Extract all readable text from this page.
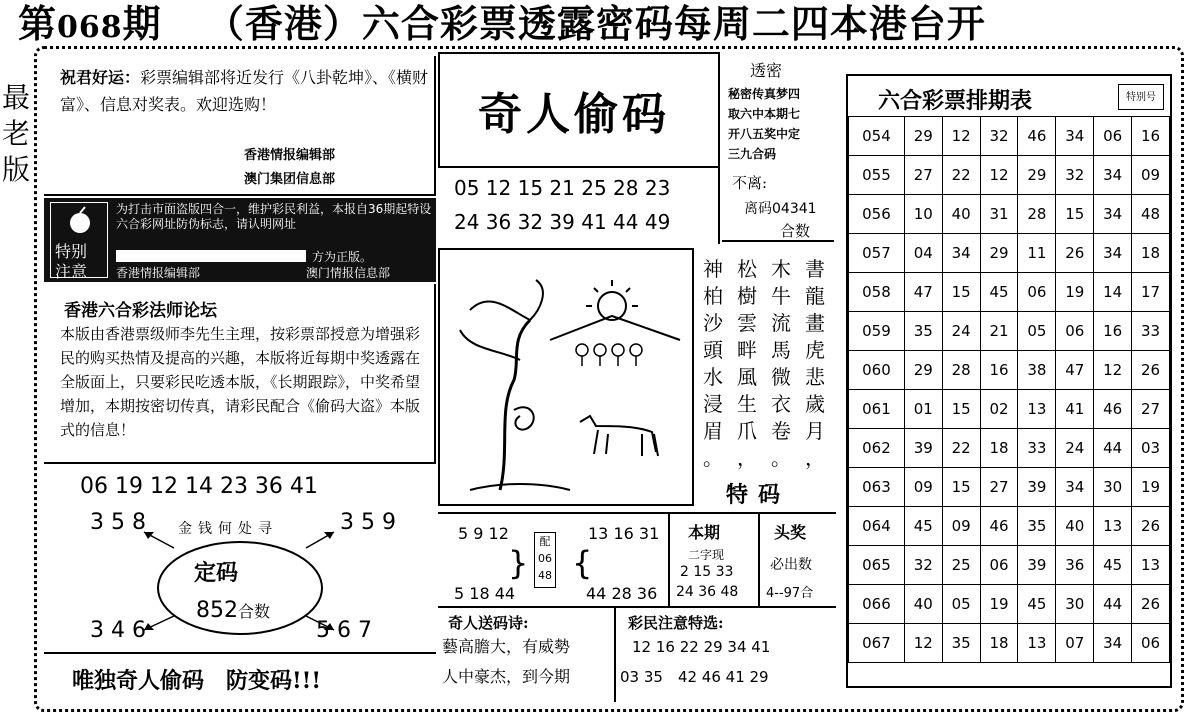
第068期 （香港）六合彩票透露密码每周二四本港台开
最
老
版
祝君好运：彩票编辑部将近发行《八卦乾坤》、《横财富》、信息对奖表。欢迎选购！
香港情报编辑部
澳门集团信息部
特别
注意
为打击市面盗版四合一，维护彩民利益，本报自36期起特设六合彩网址防伪标志，请认明网址
方为正版。
香港情报编辑部	澳门情报信息部
香港六合彩法师论坛
本版由香港票级师李先生主理，按彩票部授意为增强彩民的购买热情及提高的兴趣，本版将近每期中奖透露在全版面上，只要彩民吃透本版，《长期跟踪》，中奖希望增加，本期按密切传真，请彩民配合《偷码大盗》本版式的信息！
06 19 12 14 23 36 41
3 5 8	3 5 9
3 4 6	5 6 7
金钱何处寻
定码
852合数
唯独奇人偷码　防变码!!!
奇人偷码
05 12 15 21 25 28 23
24 36 32 39 41 44 49
透密
秘密传真梦四
取六中本期七
开八五奖中定
三九合码
不离:
离码04341
合数
書龍畫虎悲歲月
，
木牛流馬微衣卷
。
松樹雲畔風生爪
，
神柏沙頭水浸眉
。
特码
5 9 12
5 18 44
}
配
06
48 {
13 16 31
44 28 36
本期
二字现
2 15 33
24 36 48
头奖
必出数
4--97合
奇人送码诗:
藝高膽大，有威勢
人中豪杰，到今期
彩民注意特选:
12 16 22 29 34 41
03 35　42 46 41 29
六合彩票排期表	特别号
054	29	12	32	46	34	06	16
055	27	22	12	29	32	34	09
056	10	40	31	28	15	34	48
057	04	34	29	11	26	34	18
058	47	15	45	06	19	14	17
059	35	24	21	05	06	16	33
060	29	28	16	38	47	12	26
061	01	15	02	13	41	46	27
062	39	22	18	33	24	44	03
063	09	15	27	39	34	30	19
064	45	09	46	35	40	13	26
065	32	25	06	39	36	45	13
066	40	05	19	45	30	44	26
067	12	35	18	13	07	34	06
